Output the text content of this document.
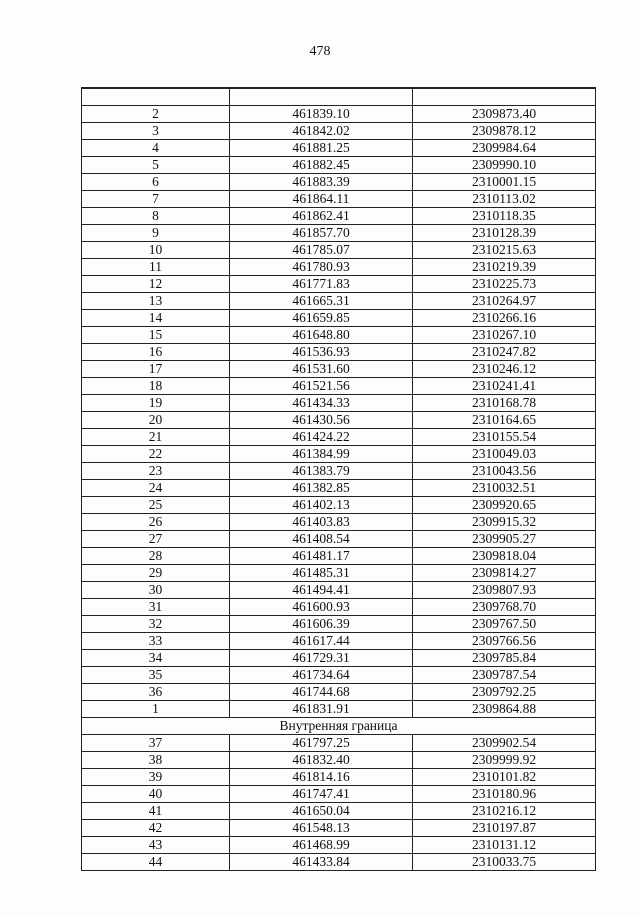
478

2	461839.10	2309873.40
3	461842.02	2309878.12
4	461881.25	2309984.64
5	461882.45	2309990.10
6	461883.39	2310001.15
7	461864.11	2310113.02
8	461862.41	2310118.35
9	461857.70	2310128.39
10	461785.07	2310215.63
11	461780.93	2310219.39
12	461771.83	2310225.73
13	461665.31	2310264.97
14	461659.85	2310266.16
15	461648.80	2310267.10
16	461536.93	2310247.82
17	461531.60	2310246.12
18	461521.56	2310241.41
19	461434.33	2310168.78
20	461430.56	2310164.65
21	461424.22	2310155.54
22	461384.99	2310049.03
23	461383.79	2310043.56
24	461382.85	2310032.51
25	461402.13	2309920.65
26	461403.83	2309915.32
27	461408.54	2309905.27
28	461481.17	2309818.04
29	461485.31	2309814.27
30	461494.41	2309807.93
31	461600.93	2309768.70
32	461606.39	2309767.50
33	461617.44	2309766.56
34	461729.31	2309785.84
35	461734.64	2309787.54
36	461744.68	2309792.25
1	461831.91	2309864.88
Внутренняя граница		
37	461797.25	2309902.54
38	461832.40	2309999.92
39	461814.16	2310101.82
40	461747.41	2310180.96
41	461650.04	2310216.12
42	461548.13	2310197.87
43	461468.99	2310131.12
44	461433.84	2310033.75
